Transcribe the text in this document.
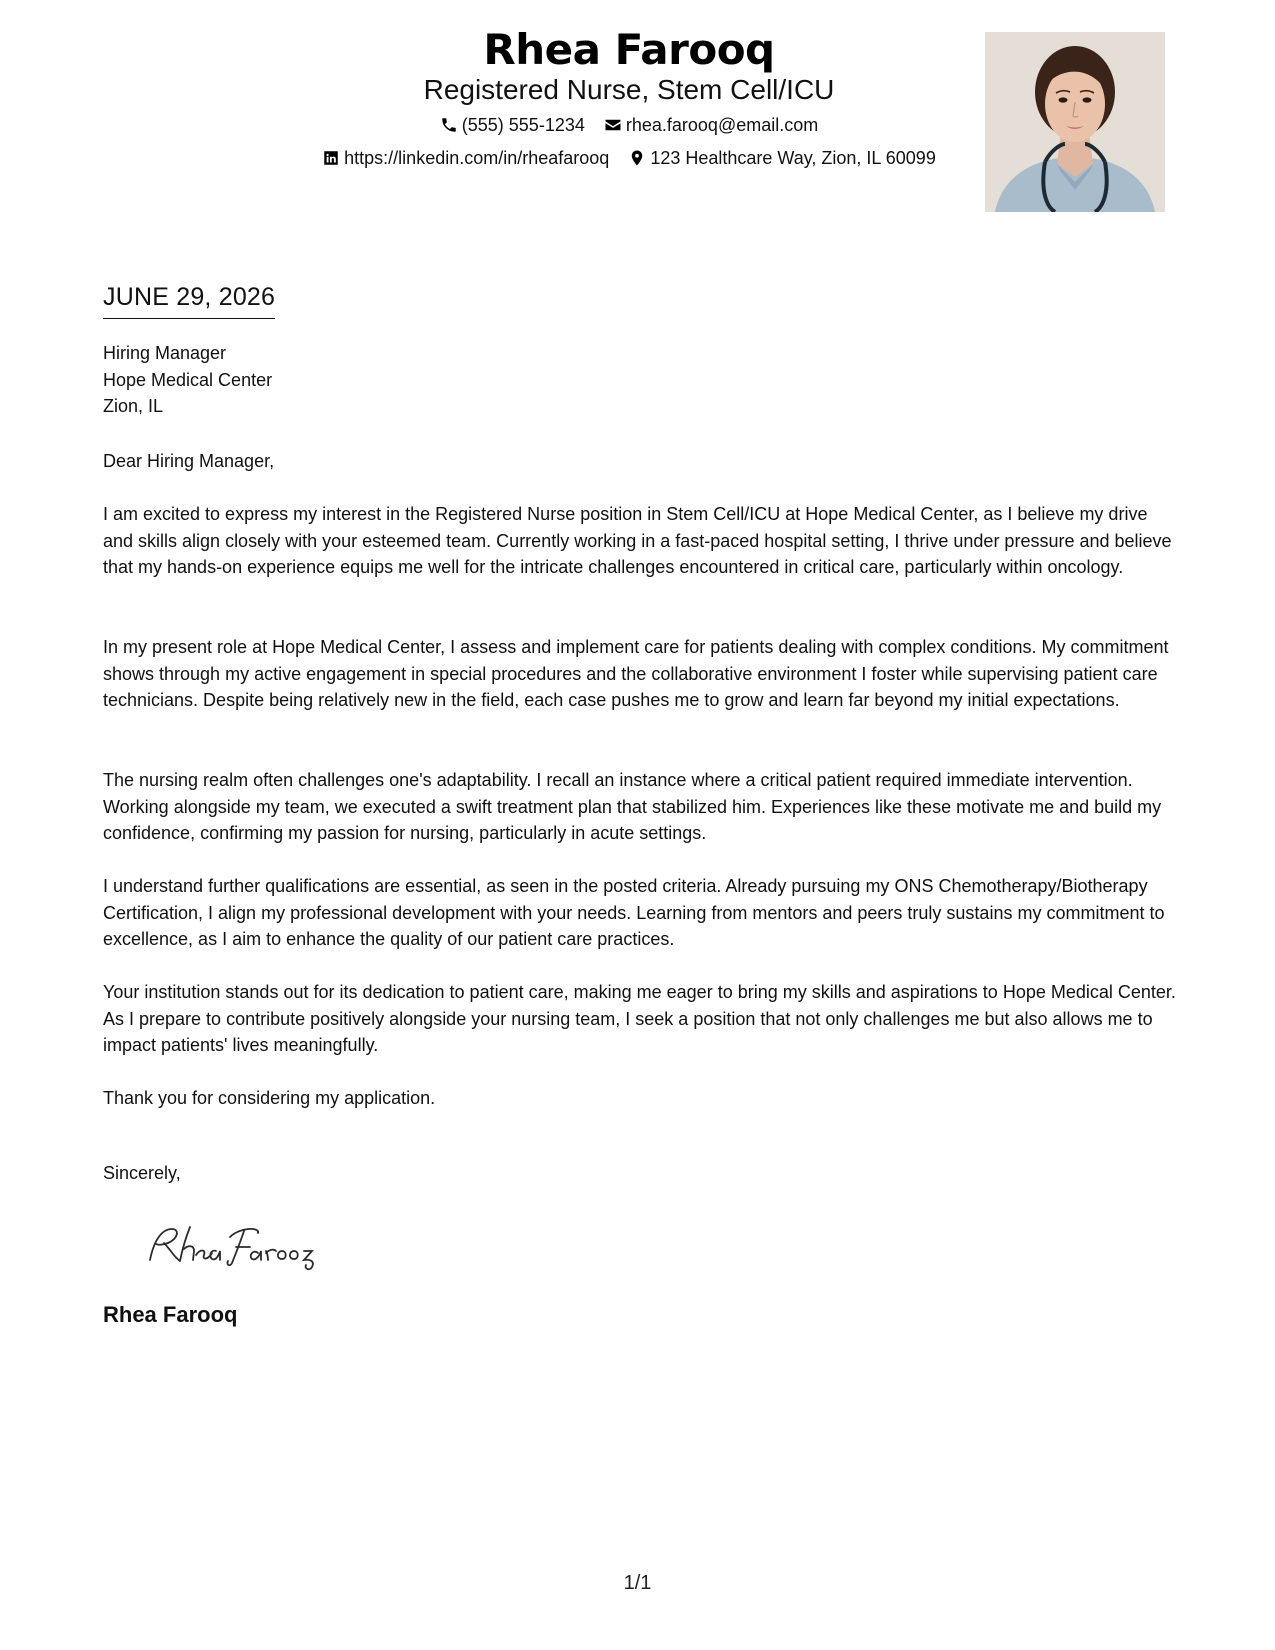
Rhea Farooq
Registered Nurse, Stem Cell/ICU
(555) 555-1234
rhea.farooq@email.com
https://linkedin.com/in/rheafarooq
123 Healthcare Way, Zion, IL 60099
JUNE 29, 2026
Hiring Manager
Hope Medical Center
Zion, IL
Dear Hiring Manager,

I am excited to express my interest in the Registered Nurse position in Stem Cell/ICU at Hope Medical Center, as I believe my drive and skills align closely with your esteemed team. Currently working in a fast-paced hospital setting, I thrive under pressure and believe that my hands-on experience equips me well for the intricate challenges encountered in critical care, particularly within oncology.

In my present role at Hope Medical Center, I assess and implement care for patients dealing with complex conditions. My commitment shows through my active engagement in special procedures and the collaborative environment I foster while supervising patient care technicians. Despite being relatively new in the field, each case pushes me to grow and learn far beyond my initial expectations.

The nursing realm often challenges one's adaptability. I recall an instance where a critical patient required immediate intervention. Working alongside my team, we executed a swift treatment plan that stabilized him. Experiences like these motivate me and build my confidence, confirming my passion for nursing, particularly in acute settings.

I understand further qualifications are essential, as seen in the posted criteria. Already pursuing my ONS Chemotherapy/Biotherapy Certification, I align my professional development with your needs. Learning from mentors and peers truly sustains my commitment to excellence, as I aim to enhance the quality of our patient care practices.

Your institution stands out for its dedication to patient care, making me eager to bring my skills and aspirations to Hope Medical Center. As I prepare to contribute positively alongside your nursing team, I seek a position that not only challenges me but also allows me to impact patients' lives meaningfully.

Thank you for considering my application.

Sincerely,
Rhea Farooq
1/1
